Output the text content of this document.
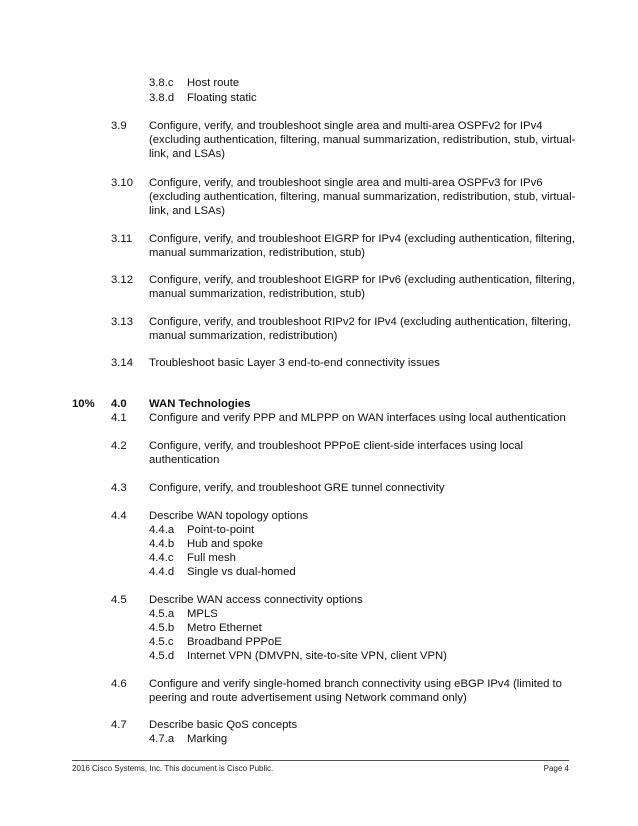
3.8.c Host route
3.8.d Floating static
3.9 Configure, verify, and troubleshoot single area and multi-area OSPFv2 for IPv4
(excluding authentication, filtering, manual summarization, redistribution, stub, virtual-
link, and LSAs)
3.10 Configure, verify, and troubleshoot single area and multi-area OSPFv3 for IPv6
(excluding authentication, filtering, manual summarization, redistribution, stub, virtual-
link, and LSAs)
3.11 Configure, verify, and troubleshoot EIGRP for IPv4 (excluding authentication, filtering,
manual summarization, redistribution, stub)
3.12 Configure, verify, and troubleshoot EIGRP for IPv6 (excluding authentication, filtering,
manual summarization, redistribution, stub)
3.13 Configure, verify, and troubleshoot RIPv2 for IPv4 (excluding authentication, filtering,
manual summarization, redistribution)
3.14 Troubleshoot basic Layer 3 end-to-end connectivity issues
10% 4.0 WAN Technologies
4.1 Configure and verify PPP and MLPPP on WAN interfaces using local authentication
4.2 Configure, verify, and troubleshoot PPPoE client-side interfaces using local
authentication
4.3 Configure, verify, and troubleshoot GRE tunnel connectivity
4.4 Describe WAN topology options
4.4.a Point-to-point
4.4.b Hub and spoke
4.4.c Full mesh
4.4.d Single vs dual-homed
4.5 Describe WAN access connectivity options
4.5.a MPLS
4.5.b Metro Ethernet
4.5.c Broadband PPPoE
4.5.d Internet VPN (DMVPN, site-to-site VPN, client VPN)
4.6 Configure and verify single-homed branch connectivity using eBGP IPv4 (limited to
peering and route advertisement using Network command only)
4.7 Describe basic QoS concepts
4.7.a Marking
2016 Cisco Systems, Inc. This document is Cisco Public.	Page 4
